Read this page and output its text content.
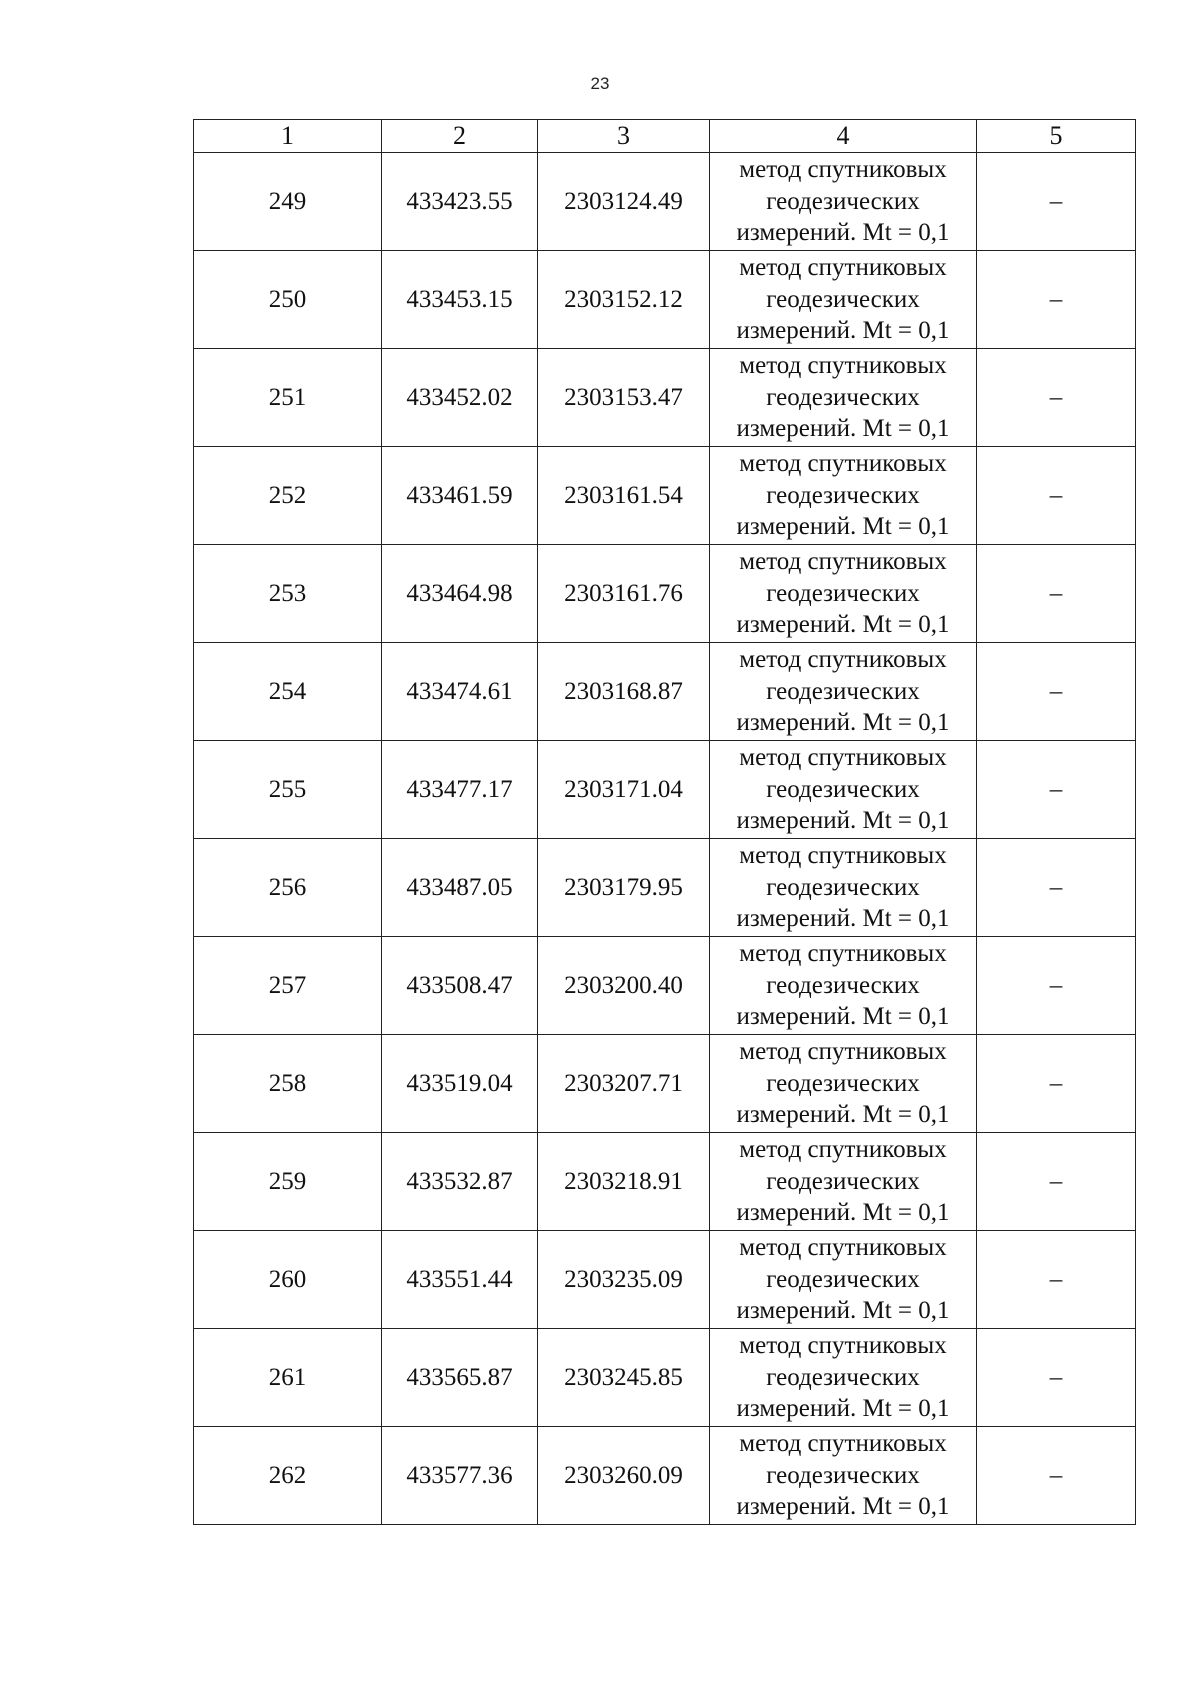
23
1	2	3	4	5
249	433423.55	2303124.49	метод спутниковых
геодезических
измерений. Mt = 0,1	–
250	433453.15	2303152.12	метод спутниковых
геодезических
измерений. Mt = 0,1	–
251	433452.02	2303153.47	метод спутниковых
геодезических
измерений. Mt = 0,1	–
252	433461.59	2303161.54	метод спутниковых
геодезических
измерений. Mt = 0,1	–
253	433464.98	2303161.76	метод спутниковых
геодезических
измерений. Mt = 0,1	–
254	433474.61	2303168.87	метод спутниковых
геодезических
измерений. Mt = 0,1	–
255	433477.17	2303171.04	метод спутниковых
геодезических
измерений. Mt = 0,1	–
256	433487.05	2303179.95	метод спутниковых
геодезических
измерений. Mt = 0,1	–
257	433508.47	2303200.40	метод спутниковых
геодезических
измерений. Mt = 0,1	–
258	433519.04	2303207.71	метод спутниковых
геодезических
измерений. Mt = 0,1	–
259	433532.87	2303218.91	метод спутниковых
геодезических
измерений. Mt = 0,1	–
260	433551.44	2303235.09	метод спутниковых
геодезических
измерений. Mt = 0,1	–
261	433565.87	2303245.85	метод спутниковых
геодезических
измерений. Mt = 0,1	–
262	433577.36	2303260.09	метод спутниковых
геодезических
измерений. Mt = 0,1	–
